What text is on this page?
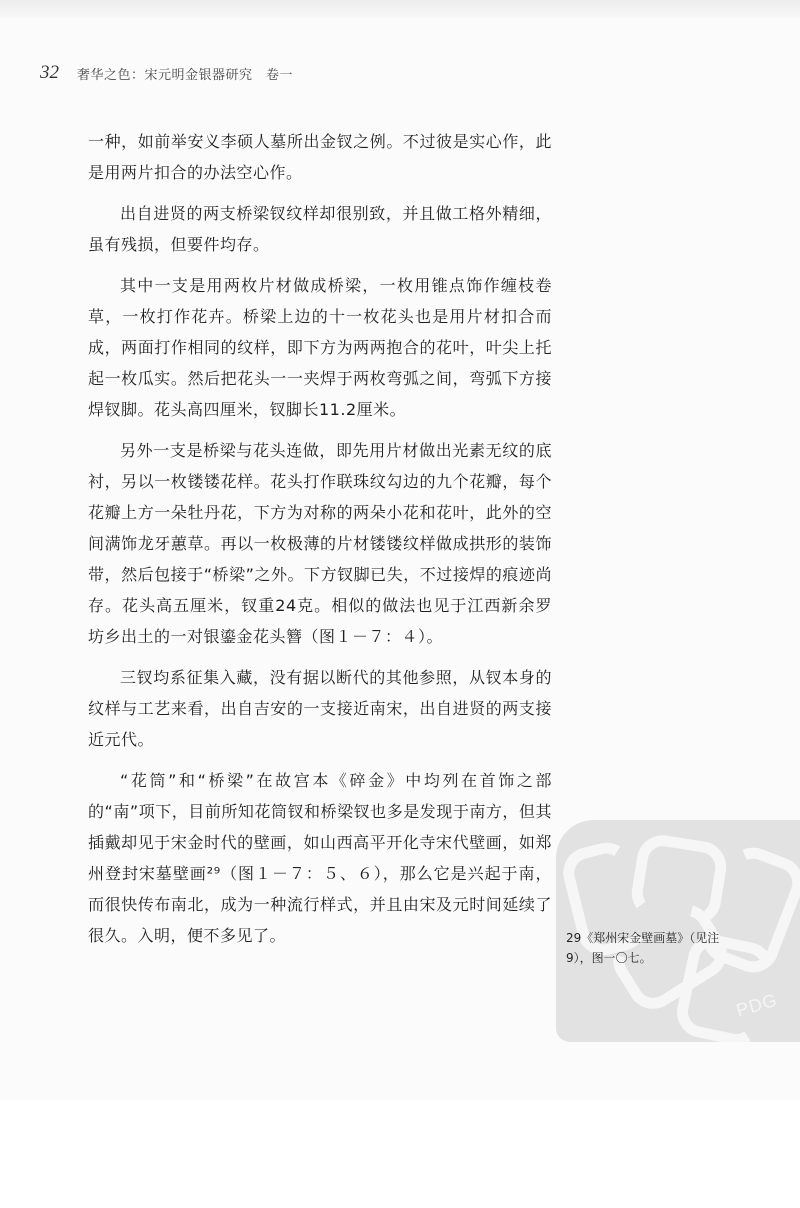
32 奢华之色：宋元明金银器研究　卷一

一种，如前举安义李硕人墓所出金钗之例。不过彼是实心作，此是用两片扣合的办法空心作。

出自进贤的两支桥梁钗纹样却很别致，并且做工格外精细，虽有残损，但要件均存。

其中一支是用两枚片材做成桥梁，一枚用锥点饰作缠枝卷草，一枚打作花卉。桥梁上边的十一枚花头也是用片材扣合而成，两面打作相同的纹样，即下方为两两抱合的花叶，叶尖上托起一枚瓜实。然后把花头一一夹焊于两枚弯弧之间，弯弧下方接焊钗脚。花头高四厘米，钗脚长11.2厘米。

另外一支是桥梁与花头连做，即先用片材做出光素无纹的底衬，另以一枚镂镂花样。花头打作联珠纹勾边的九个花瓣，每个花瓣上方一朵牡丹花，下方为对称的两朵小花和花叶，此外的空间满饰龙牙蕙草。再以一枚极薄的片材镂镂纹样做成拱形的装饰带，然后包接于“桥梁”之外。下方钗脚已失，不过接焊的痕迹尚存。花头高五厘米，钗重24克。相似的做法也见于江西新余罗坊乡出土的一对银鎏金花头簪（图１－７：４）。

三钗均系征集入藏，没有据以断代的其他参照，从钗本身的纹样与工艺来看，出自吉安的一支接近南宋，出自进贤的两支接近元代。

“花筒”和“桥梁”在故宫本《碎金》中均列在首饰之部的“南”项下，目前所知花筒钗和桥梁钗也多是发现于南方，但其插戴却见于宋金时代的壁画，如山西高平开化寺宋代壁画，如郑州登封宋墓壁画²⁹（图１－７：５、６），那么它是兴起于南，而很快传布南北，成为一种流行样式，并且由宋及元时间延续了很久。入明，便不多见了。

PDG
29《郑州宋金壁画墓》（见注9），图一〇七。
